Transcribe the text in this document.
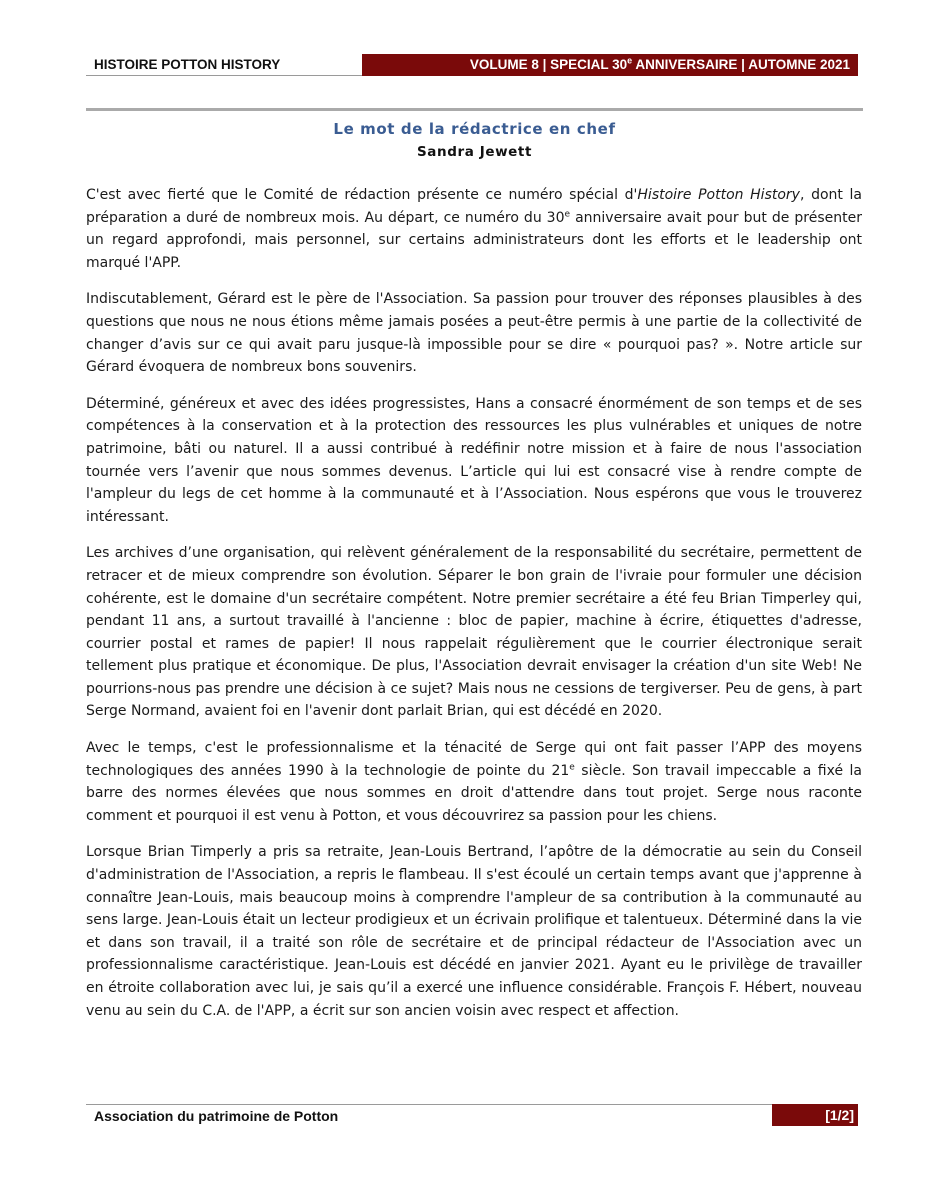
HISTOIRE POTTON HISTORY	VOLUME 8 | SPECIAL 30e ANNIVERSAIRE | AUTOMNE 2021
Le mot de la rédactrice en chef
Sandra Jewett

C'est avec fierté que le Comité de rédaction présente ce numéro spécial d'Histoire Potton History, dont la préparation a duré de nombreux mois. Au départ, ce numéro du 30e anniversaire avait pour but de présenter un regard approfondi, mais personnel, sur certains administrateurs dont les efforts et le leadership ont marqué l'APP.

Indiscutablement, Gérard est le père de l'Association. Sa passion pour trouver des réponses plausibles à des questions que nous ne nous étions même jamais posées a peut-être permis à une partie de la collectivité de changer d’avis sur ce qui avait paru jusque-là impossible pour se dire « pourquoi pas? ». Notre article sur Gérard évoquera de nombreux bons souvenirs.

Déterminé, généreux et avec des idées progressistes, Hans a consacré énormément de son temps et de ses compétences à la conservation et à la protection des ressources les plus vulnérables et uniques de notre patrimoine, bâti ou naturel. Il a aussi contribué à redéfinir notre mission et à faire de nous l'association tournée vers l’avenir que nous sommes devenus. L’article qui lui est consacré vise à rendre compte de l'ampleur du legs de cet homme à la communauté et à l’Association. Nous espérons que vous le trouverez intéressant.

Les archives d’une organisation, qui relèvent généralement de la responsabilité du secrétaire, permettent de retracer et de mieux comprendre son évolution. Séparer le bon grain de l'ivraie pour formuler une décision cohérente, est le domaine d'un secrétaire compétent. Notre premier secrétaire a été feu Brian Timperley qui, pendant 11 ans, a surtout travaillé à l'ancienne : bloc de papier, machine à écrire, étiquettes d'adresse, courrier postal et rames de papier! Il nous rappelait régulièrement que le courrier électronique serait tellement plus pratique et économique. De plus, l'Association devrait envisager la création d'un site Web! Ne pourrions-nous pas prendre une décision à ce sujet? Mais nous ne cessions de tergiverser. Peu de gens, à part Serge Normand, avaient foi en l'avenir dont parlait Brian, qui est décédé en 2020.

Avec le temps, c'est le professionnalisme et la ténacité de Serge qui ont fait passer l’APP des moyens technologiques des années 1990 à la technologie de pointe du 21e siècle. Son travail impeccable a fixé la barre des normes élevées que nous sommes en droit d'attendre dans tout projet. Serge nous raconte comment et pourquoi il est venu à Potton, et vous découvrirez sa passion pour les chiens.

Lorsque Brian Timperly a pris sa retraite, Jean-Louis Bertrand, l’apôtre de la démocratie au sein du Conseil d'administration de l'Association, a repris le flambeau. Il s'est écoulé un certain temps avant que j'apprenne à connaître Jean-Louis, mais beaucoup moins à comprendre l'ampleur de sa contribution à la communauté au sens large. Jean-Louis était un lecteur prodigieux et un écrivain prolifique et talentueux. Déterminé dans la vie et dans son travail, il a traité son rôle de secrétaire et de principal rédacteur de l'Association avec un professionnalisme caractéristique. Jean-Louis est décédé en janvier 2021. Ayant eu le privilège de travailler en étroite collaboration avec lui, je sais qu’il a exercé une influence considérable. François F. Hébert, nouveau venu au sein du C.A. de l'APP, a écrit sur son ancien voisin avec respect et affection.

Association du patrimoine de Potton	[1/2]
